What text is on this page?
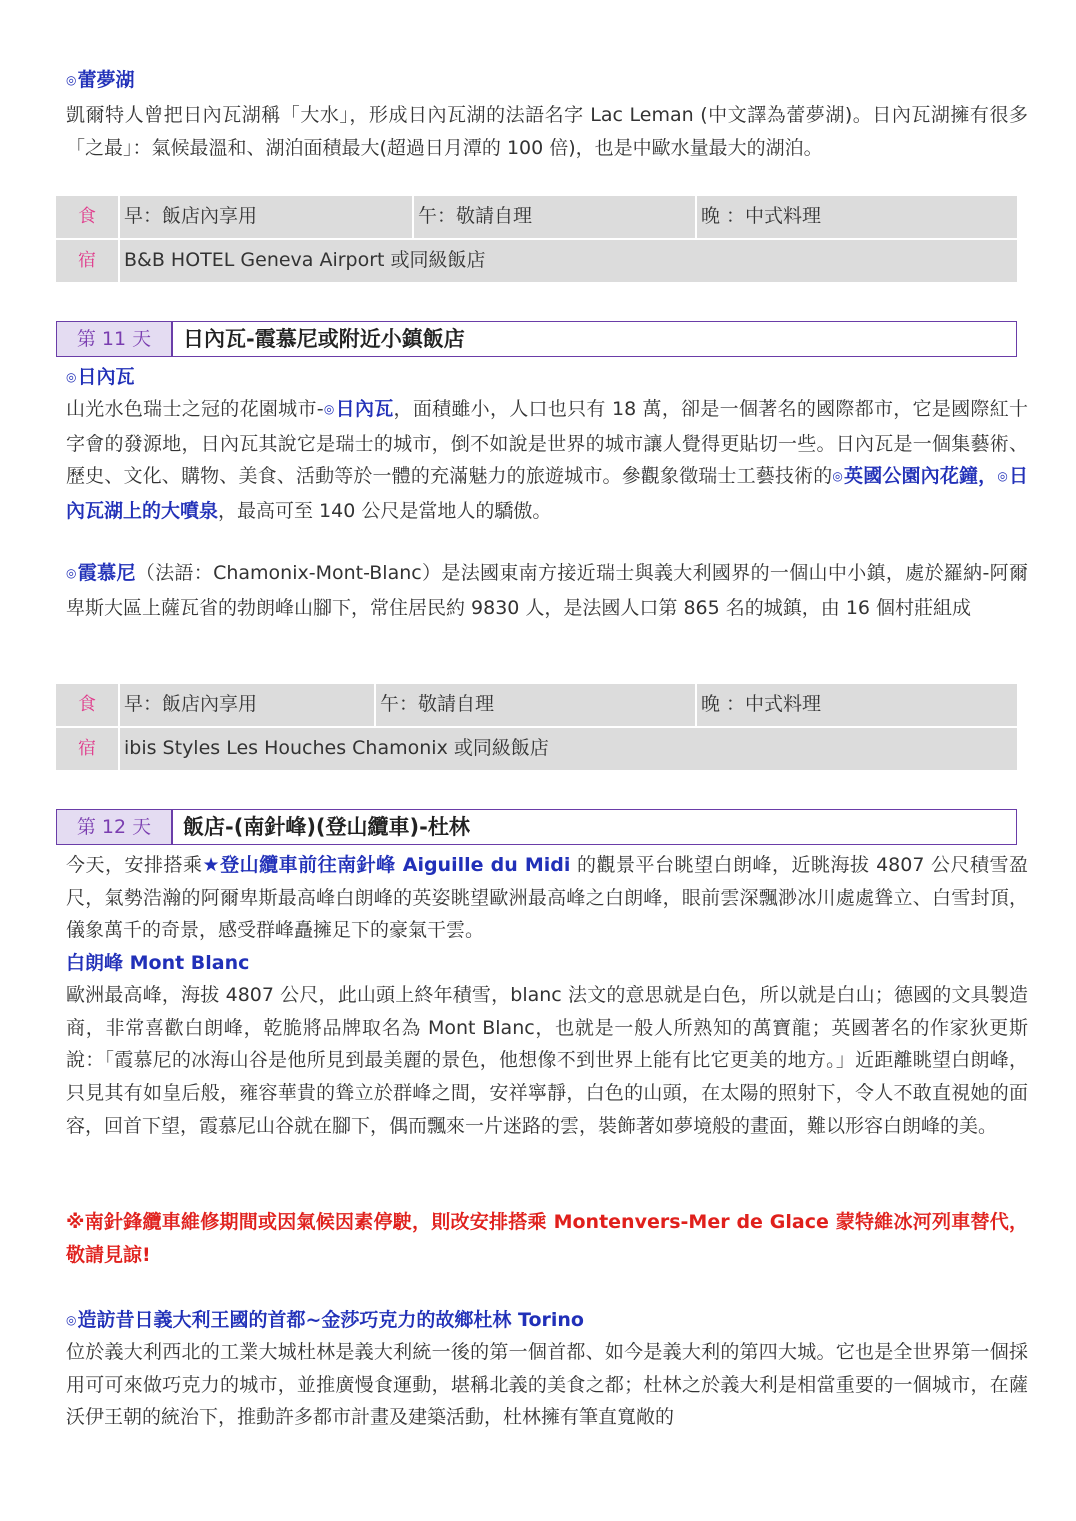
◎蕾夢湖
凱爾特人曾把日內瓦湖稱「大水」，形成日內瓦湖的法語名字 Lac Leman (中文譯為蕾夢湖)。日內瓦湖擁有很多「之最」：氣候最溫和、湖泊面積最大(超過日月潭的 100 倍)，也是中歐水量最大的湖泊。
食	早：飯店內享用	午：敬請自理	晚 ：中式料理
宿	B&B HOTEL Geneva Airport 或同級飯店
第 11 天	日內瓦-霞慕尼或附近小鎮飯店
◎日內瓦
山光水色瑞士之冠的花園城市-◎日內瓦，面積雖小，人口也只有 18 萬，卻是一個著名的國際都市，它是國際紅十字會的發源地，日內瓦其說它是瑞士的城市，倒不如說是世界的城市讓人覺得更貼切一些。日內瓦是一個集藝術、歷史、文化、購物、美食、活動等於一體的充滿魅力的旅遊城市。參觀象徵瑞士工藝技術的◎英國公園內花鐘，◎日內瓦湖上的大噴泉，最高可至 140 公尺是當地人的驕傲。
◎霞慕尼（法語：Chamonix-Mont-Blanc）是法國東南方接近瑞士與義大利國界的一個山中小鎮，處於羅納-阿爾卑斯大區上薩瓦省的勃朗峰山腳下，常住居民約 9830 人，是法國人口第 865 名的城鎮，由 16 個村莊組成
食	早：飯店內享用	午：敬請自理	晚 ：中式料理
宿	ibis Styles Les Houches Chamonix 或同級飯店
第 12 天	飯店-(南針峰)(登山纜車)-杜林
今天，安排搭乘★登山纜車前往南針峰 Aiguille du Midi 的觀景平台眺望白朗峰，近眺海拔 4807 公尺積雪盈尺，氣勢浩瀚的阿爾卑斯最高峰白朗峰的英姿眺望歐洲最高峰之白朗峰，眼前雲深飄渺冰川處處聳立、白雪封頂，儀象萬千的奇景，感受群峰矗擁足下的豪氣干雲。
白朗峰 Mont Blanc
歐洲最高峰，海拔 4807 公尺，此山頭上終年積雪，blanc 法文的意思就是白色，所以就是白山；德國的文具製造商，非常喜歡白朗峰，乾脆將品牌取名為 Mont Blanc，也就是一般人所熟知的萬寶龍；英國著名的作家狄更斯說：「霞慕尼的冰海山谷是他所見到最美麗的景色，他想像不到世界上能有比它更美的地方。」近距離眺望白朗峰，只見其有如皇后般，雍容華貴的聳立於群峰之間，安祥寧靜，白色的山頭，在太陽的照射下，令人不敢直視她的面容，回首下望，霞慕尼山谷就在腳下，偶而飄來一片迷路的雲，裝飾著如夢境般的畫面，難以形容白朗峰的美。
※南針鋒纜車維修期間或因氣候因素停駛，則改安排搭乘 Montenvers-Mer de Glace 蒙特維冰河列車替代，敬請見諒!
◎造訪昔日義大利王國的首都~金莎巧克力的故鄉杜林 Torino
位於義大利西北的工業大城杜林是義大利統一後的第一個首都、如今是義大利的第四大城。它也是全世界第一個採用可可來做巧克力的城市，並推廣慢食運動，堪稱北義的美食之都；杜林之於義大利是相當重要的一個城市，在薩沃伊王朝的統治下，推動許多都市計畫及建築活動，杜林擁有筆直寬敞的
